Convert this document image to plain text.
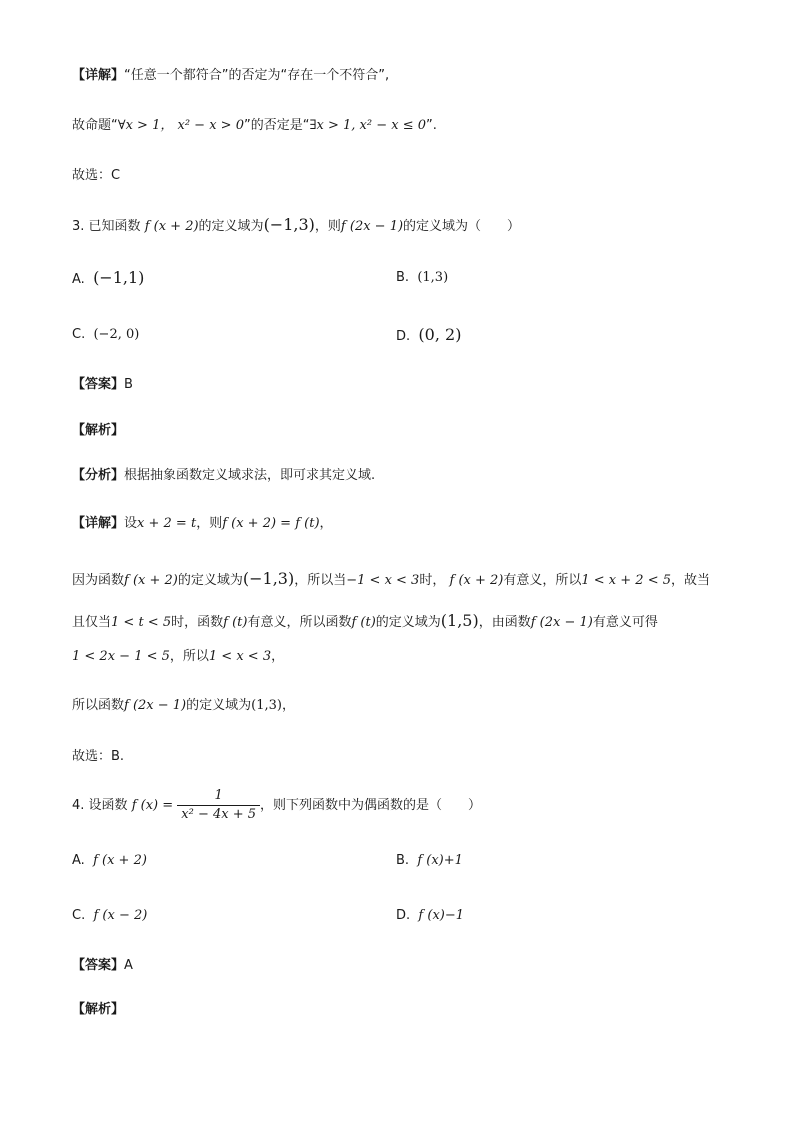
【详解】“任意一个都符合”的否定为“存在一个不符合”,
故命题“∀x > 1， x² − x > 0”的否定是“∃x > 1, x² − x ≤ 0”.
故选：C
3. 已知函数 f (x + 2)的定义域为(−1,3)，则f (2x − 1)的定义域为（　　）
A. (−1,1)	B. (1,3)
C. (−2, 0)	D. (0, 2)
【答案】B
【解析】
【分析】根据抽象函数定义域求法，即可求其定义域.
【详解】设x + 2 = t，则f (x + 2) = f (t)，
因为函数f (x + 2)的定义域为(−1,3)，所以当−1 < x < 3时， f (x + 2)有意义，所以1 < x + 2 < 5，故当
且仅当1 < t < 5时，函数f (t)有意义，所以函数f (t)的定义域为(1,5)，由函数f (2x − 1)有意义可得
1 < 2x − 1 < 5，所以1 < x < 3，
所以函数f (2x − 1)的定义域为(1,3)，
故选：B.
4. 设函数 f $(x) = \frac{1}{\text{x² − 4x + 5}}$ ，则下列函数中为偶函数的是（　　）
A. f (x + 2)	B. f (x)+1
C. f (x − 2)	D. f (x)−1
【答案】A
【解析】
